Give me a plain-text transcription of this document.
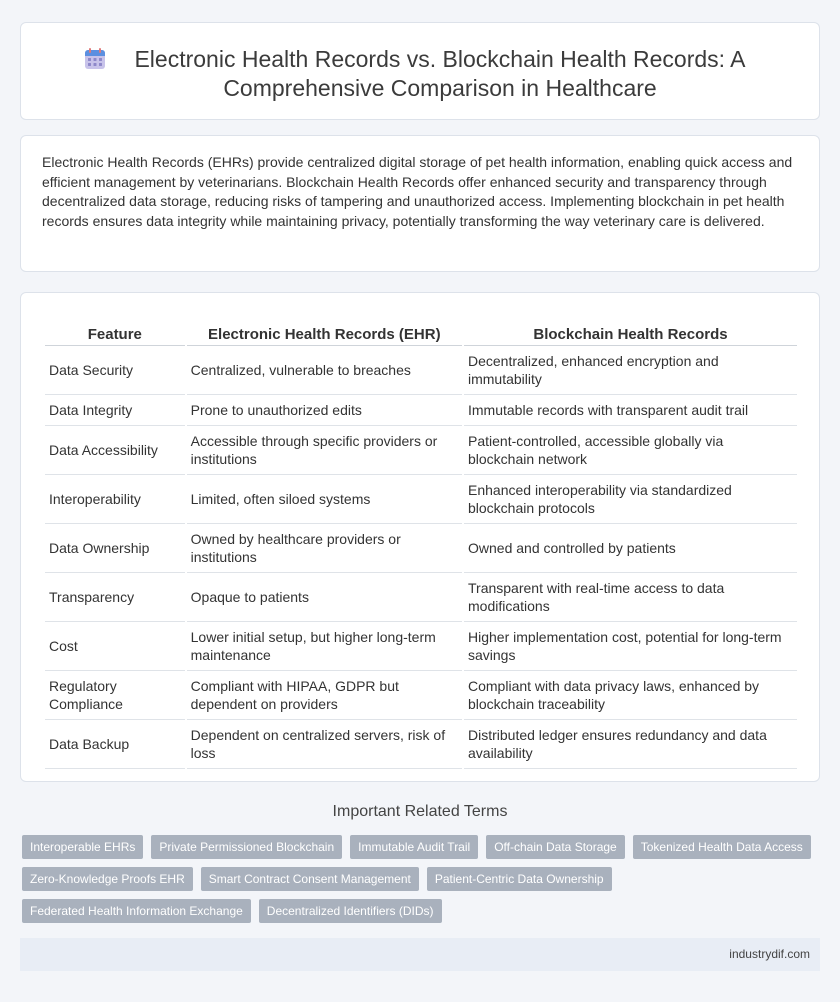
Electronic Health Records vs. Blockchain Health Records: A Comprehensive Comparison in Healthcare

Electronic Health Records (EHRs) provide centralized digital storage of pet health information, enabling quick access and efficient management by veterinarians. Blockchain Health Records offer enhanced security and transparency through decentralized data storage, reducing risks of tampering and unauthorized access. Implementing blockchain in pet health records ensures data integrity while maintaining privacy, potentially transforming the way veterinary care is delivered.

Feature	Electronic Health Records (EHR)	Blockchain Health Records
Data Security	Centralized, vulnerable to breaches	Decentralized, enhanced encryption and immutability
Data Integrity	Prone to unauthorized edits	Immutable records with transparent audit trail
Data Accessibility	Accessible through specific providers or institutions	Patient-controlled, accessible globally via blockchain network
Interoperability	Limited, often siloed systems	Enhanced interoperability via standardized blockchain protocols
Data Ownership	Owned by healthcare providers or institutions	Owned and controlled by patients
Transparency	Opaque to patients	Transparent with real-time access to data modifications
Cost	Lower initial setup, but higher long-term maintenance	Higher implementation cost, potential for long-term savings
Regulatory Compliance	Compliant with HIPAA, GDPR but dependent on providers	Compliant with data privacy laws, enhanced by blockchain traceability
Data Backup	Dependent on centralized servers, risk of loss	Distributed ledger ensures redundancy and data availability
Important Related Terms
Interoperable EHRs	Private Permissioned Blockchain	Immutable Audit Trail	Off-chain Data Storage	Tokenized Health Data Access
Zero-Knowledge Proofs EHR	Smart Contract Consent Management	Patient-Centric Data Ownership
Federated Health Information Exchange	Decentralized Identifiers (DIDs)
industrydif.com
